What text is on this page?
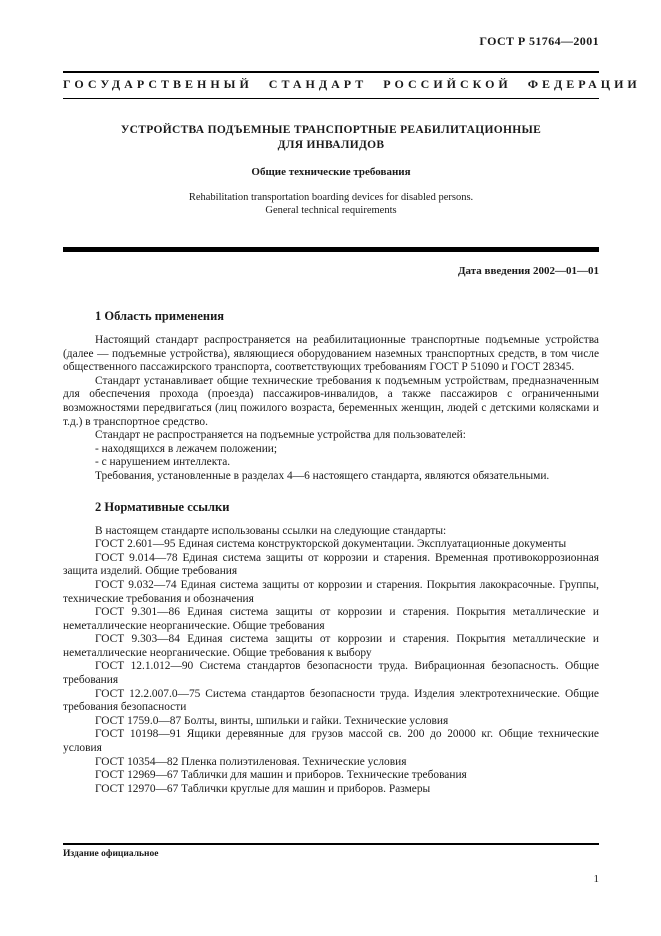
ГОСТ Р 51764—2001
ГОСУДАРСТВЕННЫЙ СТАНДАРТ РОССИЙСКОЙ ФЕДЕРАЦИИ
УСТРОЙСТВА ПОДЪЕМНЫЕ ТРАНСПОРТНЫЕ РЕАБИЛИТАЦИОННЫЕ
ДЛЯ ИНВАЛИДОВ
Общие технические требования
Rehabilitation transportation boarding devices for disabled persons.
General technical requirements
Дата введения 2002—01—01
1 Область применения

Настоящий стандарт распространяется на реабилитационные транспортные подъемные устройства (далее — подъемные устройства), являющиеся оборудованием наземных транспортных средств, в том числе общественного пассажирского транспорта, соответствующих требованиям ГОСТ Р 51090 и ГОСТ 28345.

Стандарт устанавливает общие технические требования к подъемным устройствам, предназначенным для обеспечения прохода (проезда) пассажиров-инвалидов, а также пассажиров с ограниченными возможностями передвигаться (лиц пожилого возраста, беременных женщин, людей с детскими колясками и т.д.) в транспортное средство.

Стандарт не распространяется на подъемные устройства для пользователей:

- находящихся в лежачем положении;

- с нарушением интеллекта.

Требования, установленные в разделах 4—6 настоящего стандарта, являются обязательными.

2 Нормативные ссылки

В настоящем стандарте использованы ссылки на следующие стандарты:

ГОСТ 2.601—95 Единая система конструкторской документации. Эксплуатационные документы

ГОСТ 9.014—78 Единая система защиты от коррозии и старения. Временная противокоррозионная защита изделий. Общие требования

ГОСТ 9.032—74 Единая система защиты от коррозии и старения. Покрытия лакокрасочные. Группы, технические требования и обозначения

ГОСТ 9.301—86 Единая система защиты от коррозии и старения. Покрытия металлические и неметаллические неорганические. Общие требования

ГОСТ 9.303—84 Единая система защиты от коррозии и старения. Покрытия металлические и неметаллические неорганические. Общие требования к выбору

ГОСТ 12.1.012—90 Система стандартов безопасности труда. Вибрационная безопасность. Общие требования

ГОСТ 12.2.007.0—75 Система стандартов безопасности труда. Изделия электротехнические. Общие требования безопасности

ГОСТ 1759.0—87 Болты, винты, шпильки и гайки. Технические условия

ГОСТ 10198—91 Ящики деревянные для грузов массой св. 200 до 20000 кг. Общие технические условия

ГОСТ 10354—82 Пленка полиэтиленовая. Технические условия

ГОСТ 12969—67 Таблички для машин и приборов. Технические требования

ГОСТ 12970—67 Таблички круглые для машин и приборов. Размеры

Издание официальное
1
